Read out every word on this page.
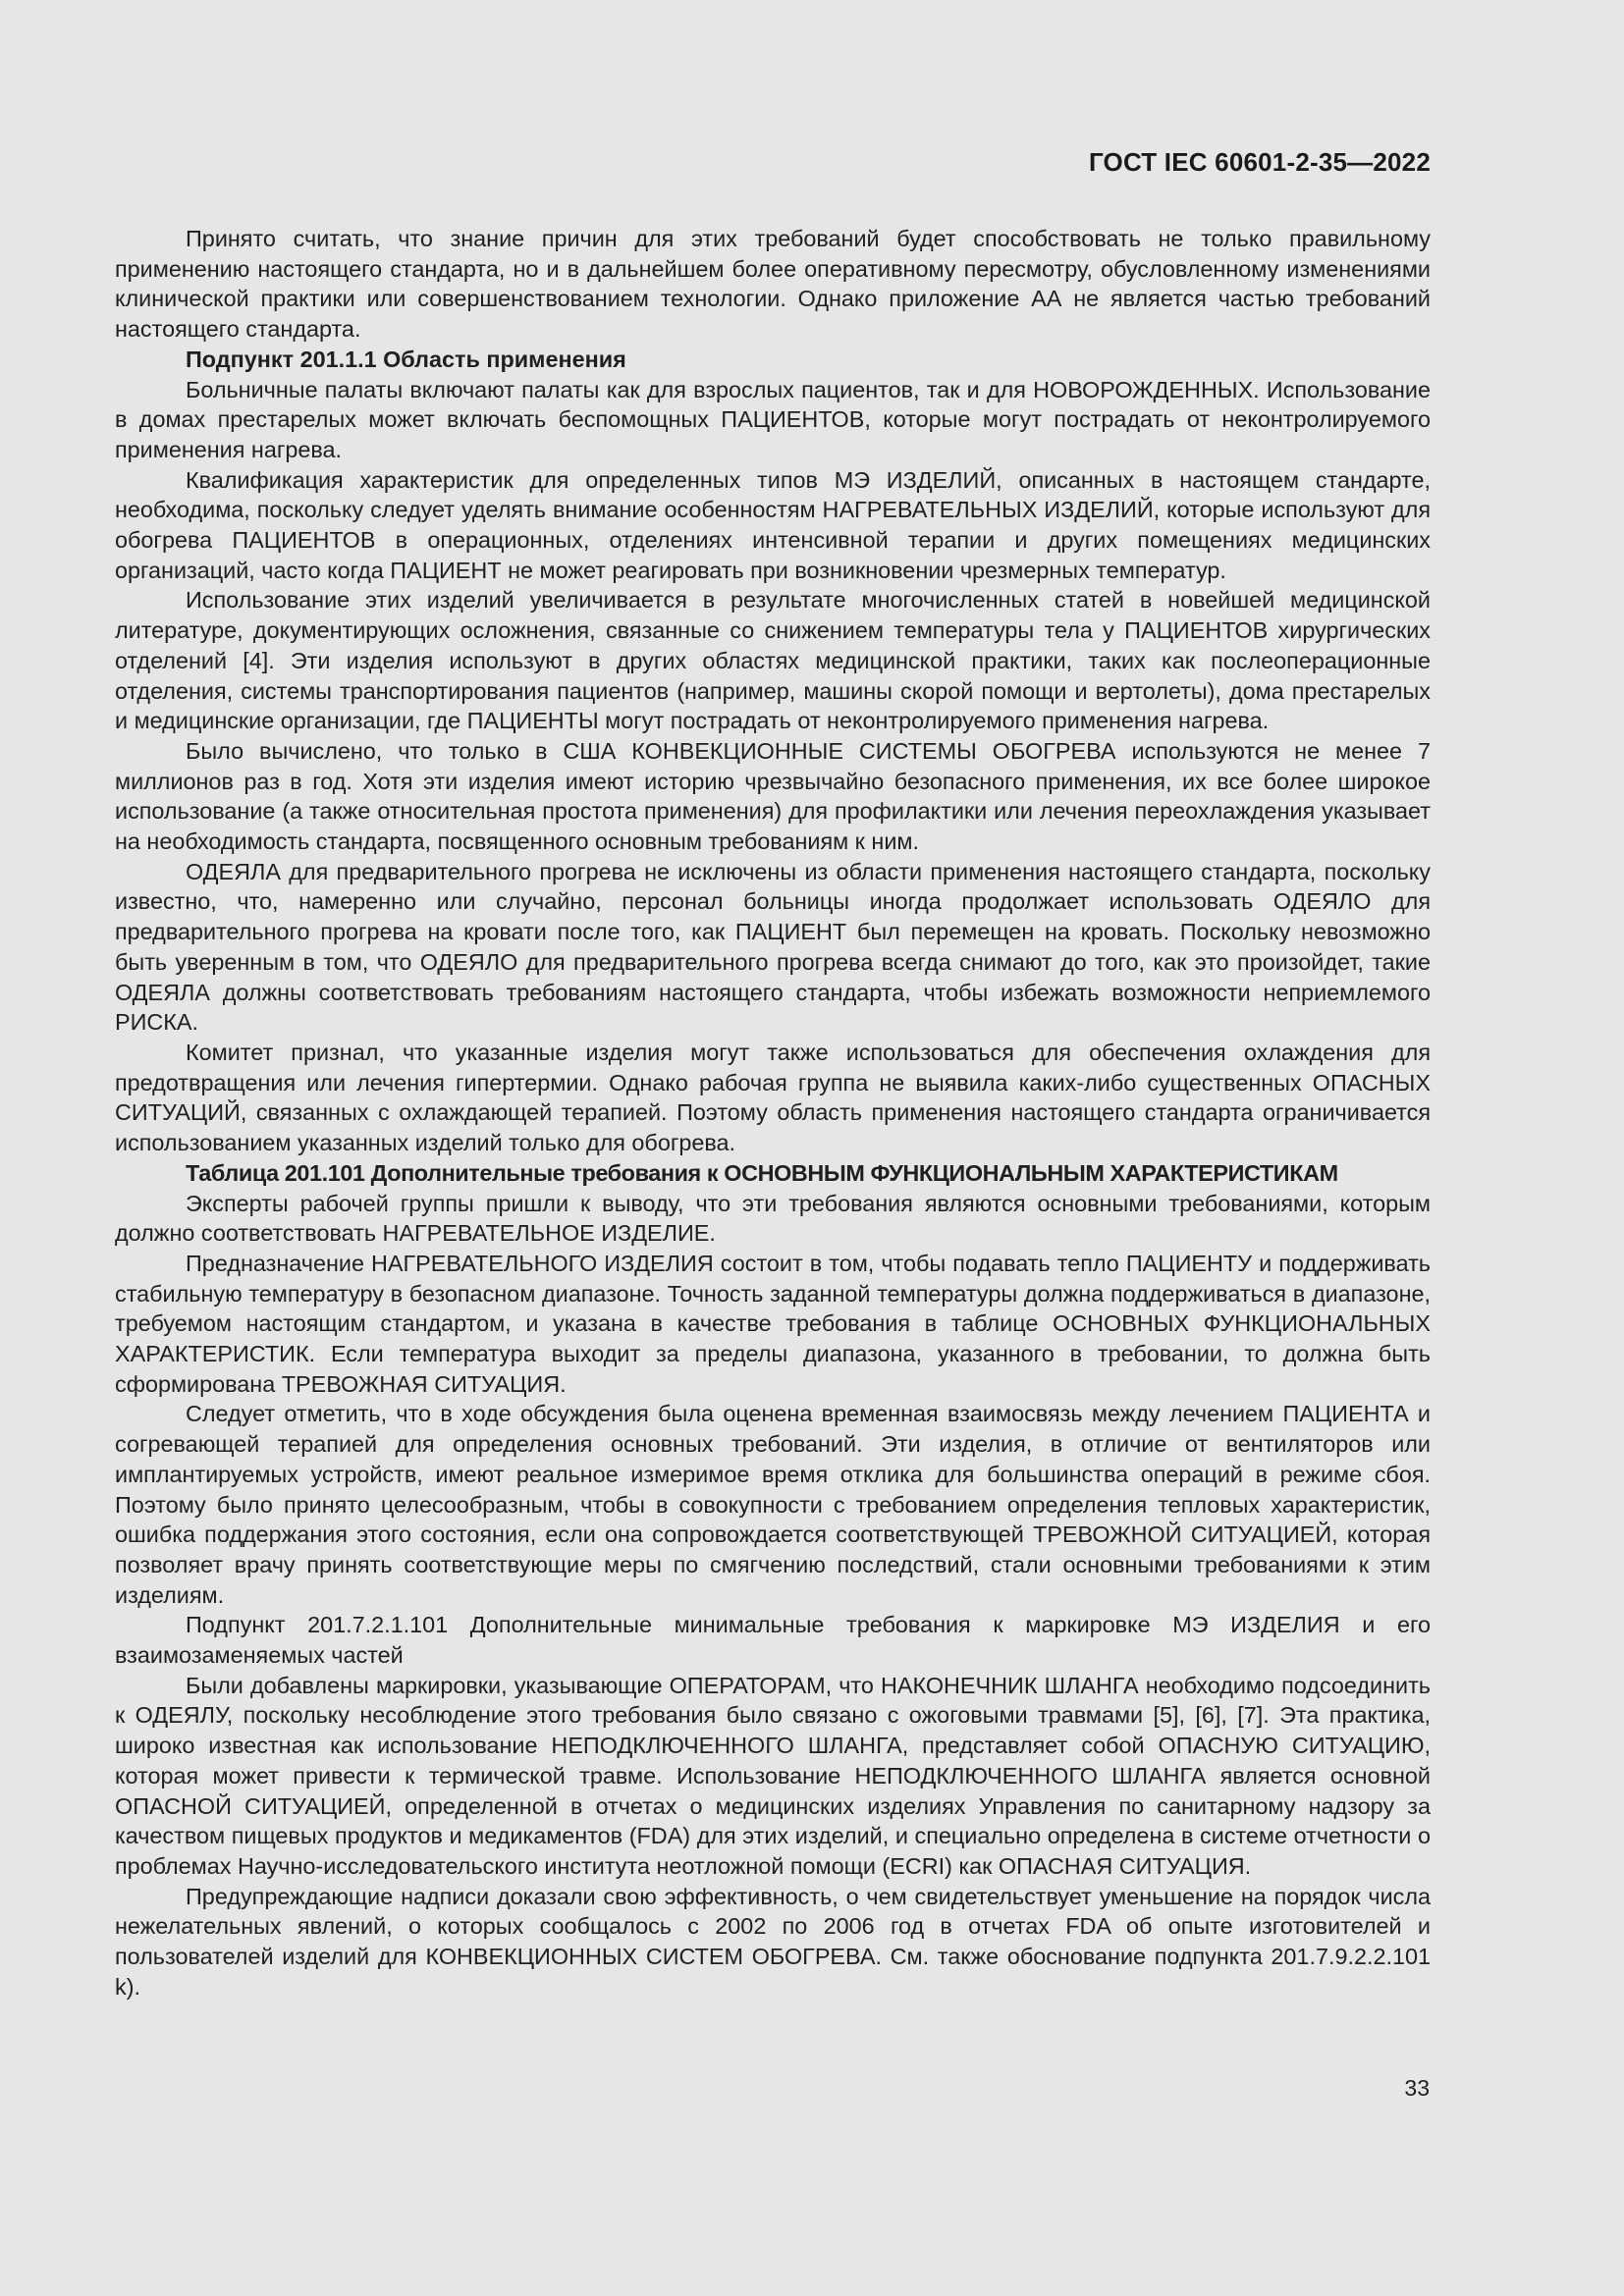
ГОСТ IEC 60601-2-35—2022

Принято считать, что знание причин для этих требований будет способствовать не только правильному применению настоящего стандарта, но и в дальнейшем более оперативному пересмотру, обусловленному изменениями клинической практики или совершенствованием технологии. Однако приложение АА не является частью требований настоящего стандарта.

Подпункт 201.1.1 Область применения

Больничные палаты включают палаты как для взрослых пациентов, так и для НОВОРОЖДЕННЫХ. Использование в домах престарелых может включать беспомощных ПАЦИЕНТОВ, которые могут пострадать от неконтролируемого применения нагрева.

Квалификация характеристик для определенных типов МЭ ИЗДЕЛИЙ, описанных в настоящем стандарте, необходима, поскольку следует уделять внимание особенностям НАГРЕВАТЕЛЬНЫХ ИЗДЕЛИЙ, которые используют для обогрева ПАЦИЕНТОВ в операционных, отделениях интенсивной терапии и других помещениях медицинских организаций, часто когда ПАЦИЕНТ не может реагировать при возникновении чрезмерных температур.

Использование этих изделий увеличивается в результате многочисленных статей в новейшей медицинской литературе, документирующих осложнения, связанные со снижением температуры тела у ПАЦИЕНТОВ хирургических отделений [4]. Эти изделия используют в других областях медицинской практики, таких как послеоперационные отделения, системы транспортирования пациентов (например, машины скорой помощи и вертолеты), дома престарелых и медицинские организации, где ПАЦИЕНТЫ могут пострадать от неконтролируемого применения нагрева.

Было вычислено, что только в США КОНВЕКЦИОННЫЕ СИСТЕМЫ ОБОГРЕВА используются не менее 7 миллионов раз в год. Хотя эти изделия имеют историю чрезвычайно безопасного применения, их все более широкое использование (а также относительная простота применения) для профилактики или лечения переохлаждения указывает на необходимость стандарта, посвященного основным требованиям к ним.

ОДЕЯЛА для предварительного прогрева не исключены из области применения настоящего стандарта, поскольку известно, что, намеренно или случайно, персонал больницы иногда продолжает использовать ОДЕЯЛО для предварительного прогрева на кровати после того, как ПАЦИЕНТ был перемещен на кровать. Поскольку невозможно быть уверенным в том, что ОДЕЯЛО для предварительного прогрева всегда снимают до того, как это произойдет, такие ОДЕЯЛА должны соответствовать требованиям настоящего стандарта, чтобы избежать возможности неприемлемого РИСКА.

Комитет признал, что указанные изделия могут также использоваться для обеспечения охлаждения для предотвращения или лечения гипертермии. Однако рабочая группа не выявила каких-либо существенных ОПАСНЫХ СИТУАЦИЙ, связанных с охлаждающей терапией. Поэтому область применения настоящего стандарта ограничивается использованием указанных изделий только для обогрева.

Таблица 201.101 Дополнительные требования к ОСНОВНЫМ ФУНКЦИОНАЛЬНЫМ ХАРАКТЕРИСТИКАМ

Эксперты рабочей группы пришли к выводу, что эти требования являются основными требованиями, которым должно соответствовать НАГРЕВАТЕЛЬНОЕ ИЗДЕЛИЕ.

Предназначение НАГРЕВАТЕЛЬНОГО ИЗДЕЛИЯ состоит в том, чтобы подавать тепло ПАЦИЕНТУ и поддерживать стабильную температуру в безопасном диапазоне. Точность заданной температуры должна поддерживаться в диапазоне, требуемом настоящим стандартом, и указана в качестве требования в таблице ОСНОВНЫХ ФУНКЦИОНАЛЬНЫХ ХАРАКТЕРИСТИК. Если температура выходит за пределы диапазона, указанного в требовании, то должна быть сформирована ТРЕВОЖНАЯ СИТУАЦИЯ.

Следует отметить, что в ходе обсуждения была оценена временная взаимосвязь между лечением ПАЦИЕНТА и согревающей терапией для определения основных требований. Эти изделия, в отличие от вентиляторов или имплантируемых устройств, имеют реальное измеримое время отклика для большинства операций в режиме сбоя. Поэтому было принято целесообразным, чтобы в совокупности с требованием определения тепловых характеристик, ошибка поддержания этого состояния, если она сопровождается соответствующей ТРЕВОЖНОЙ СИТУАЦИЕЙ, которая позволяет врачу принять соответствующие меры по смягчению последствий, стали основными требованиями к этим изделиям.

Подпункт 201.7.2.1.101 Дополнительные минимальные требования к маркировке МЭ ИЗДЕЛИЯ и его взаимозаменяемых частей

Были добавлены маркировки, указывающие ОПЕРАТОРАМ, что НАКОНЕЧНИК ШЛАНГА необходимо подсоединить к ОДЕЯЛУ, поскольку несоблюдение этого требования было связано с ожоговыми травмами [5], [6], [7]. Эта практика, широко известная как использование НЕПОДКЛЮЧЕННОГО ШЛАНГА, представляет собой ОПАСНУЮ СИТУАЦИЮ, которая может привести к термической травме. Использование НЕПОДКЛЮЧЕННОГО ШЛАНГА является основной ОПАСНОЙ СИТУАЦИЕЙ, определенной в отчетах о медицинских изделиях Управления по санитарному надзору за качеством пищевых продуктов и медикаментов (FDA) для этих изделий, и специально определена в системе отчетности о проблемах Научно-исследовательского института неотложной помощи (ECRI) как ОПАСНАЯ СИТУАЦИЯ.

Предупреждающие надписи доказали свою эффективность, о чем свидетельствует уменьшение на порядок числа нежелательных явлений, о которых сообщалось с 2002 по 2006 год в отчетах FDA об опыте изготовителей и пользователей изделий для КОНВЕКЦИОННЫХ СИСТЕМ ОБОГРЕВА. См. также обоснование подпункта 201.7.9.2.2.101 k).

33
